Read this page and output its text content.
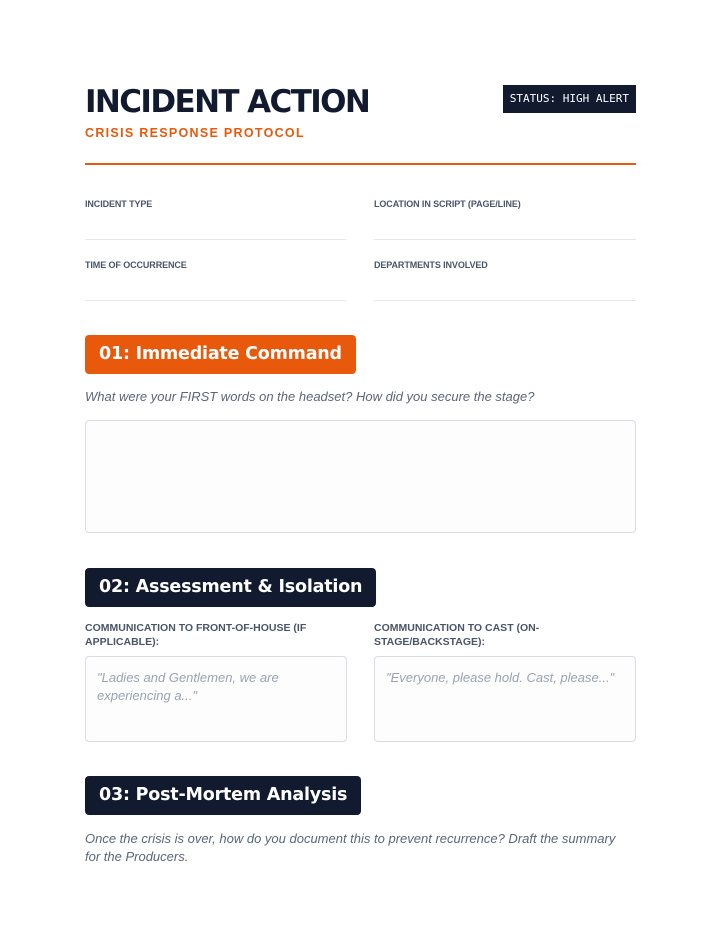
INCIDENT ACTION
CRISIS RESPONSE PROTOCOL
STATUS: HIGH ALERT
INCIDENT TYPE	LOCATION IN SCRIPT (PAGE/LINE)
TIME OF OCCURRENCE	DEPARTMENTS INVOLVED
01: Immediate Command
What were your FIRST words on the headset? How did you secure the stage?
02: Assessment & Isolation
COMMUNICATION TO FRONT-OF-HOUSE (IF APPLICABLE):
COMMUNICATION TO CAST (ON-STAGE/BACKSTAGE):
"Ladies and Gentlemen, we are experiencing a..."
"Everyone, please hold. Cast, please..."
03: Post-Mortem Analysis
Once the crisis is over, how do you document this to prevent recurrence? Draft the summary for the Producers.
